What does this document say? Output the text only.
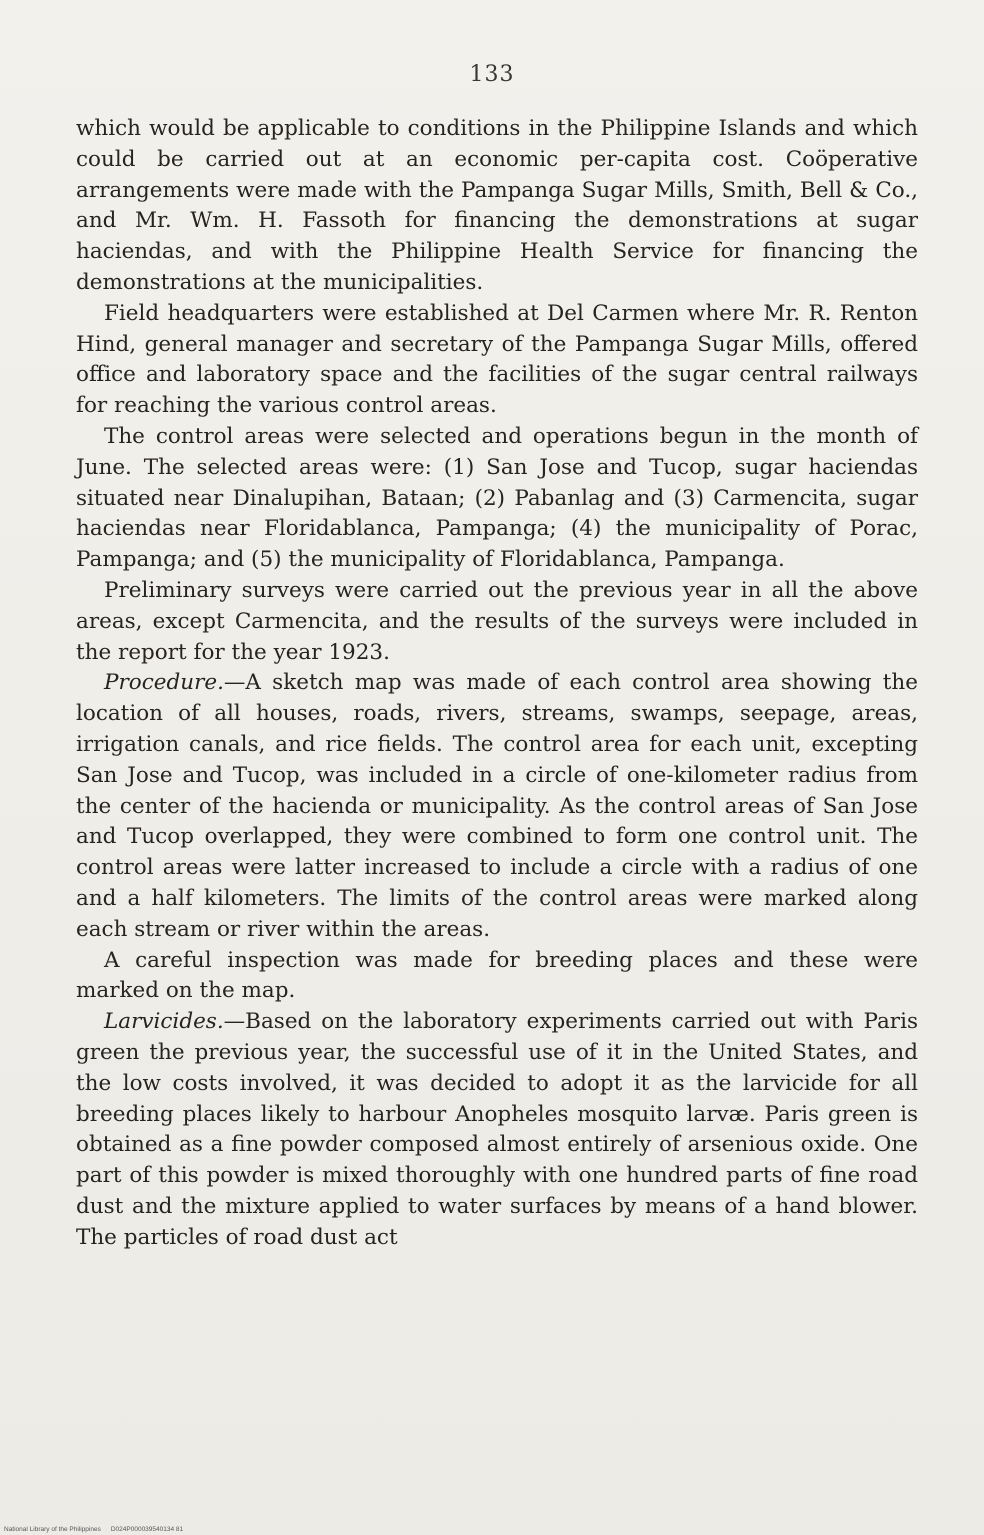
133

which would be applicable to conditions in the Philippine Islands and which could be carried out at an economic per-capita cost. Coöperative arrangements were made with the Pampanga Sugar Mills, Smith, Bell & Co., and Mr. Wm. H. Fassoth for financing the demonstrations at sugar haciendas, and with the Philippine Health Service for financing the demonstrations at the municipalities.

Field headquarters were established at Del Carmen where Mr. R. Renton Hind, general manager and secretary of the Pampanga Sugar Mills, offered office and laboratory space and the facilities of the sugar central railways for reaching the various control areas.

The control areas were selected and operations begun in the month of June. The selected areas were: (1) San Jose and Tucop, sugar haciendas situated near Dinalupihan, Bataan; (2) Pabanlag and (3) Carmencita, sugar haciendas near Floridablanca, Pampanga; (4) the municipality of Porac, Pampanga; and (5) the municipality of Floridablanca, Pampanga.

Preliminary surveys were carried out the previous year in all the above areas, except Carmencita, and the results of the surveys were included in the report for the year 1923.

Procedure.—A sketch map was made of each control area showing the location of all houses, roads, rivers, streams, swamps, seepage, areas, irrigation canals, and rice fields. The control area for each unit, excepting San Jose and Tucop, was included in a circle of one-kilometer radius from the center of the hacienda or municipality. As the control areas of San Jose and Tucop overlapped, they were combined to form one control unit. The control areas were latter increased to include a circle with a radius of one and a half kilometers. The limits of the control areas were marked along each stream or river within the areas.

A careful inspection was made for breeding places and these were marked on the map.

Larvicides.—Based on the laboratory experiments carried out with Paris green the previous year, the successful use of it in the United States, and the low costs involved, it was decided to adopt it as the larvicide for all breeding places likely to harbour Anopheles mosquito larvæ. Paris green is obtained as a fine powder composed almost entirely of arsenious oxide. One part of this powder is mixed thoroughly with one hundred parts of fine road dust and the mixture applied to water surfaces by means of a hand blower. The particles of road dust act

National Library of the Philippines D024P000039540134 81
